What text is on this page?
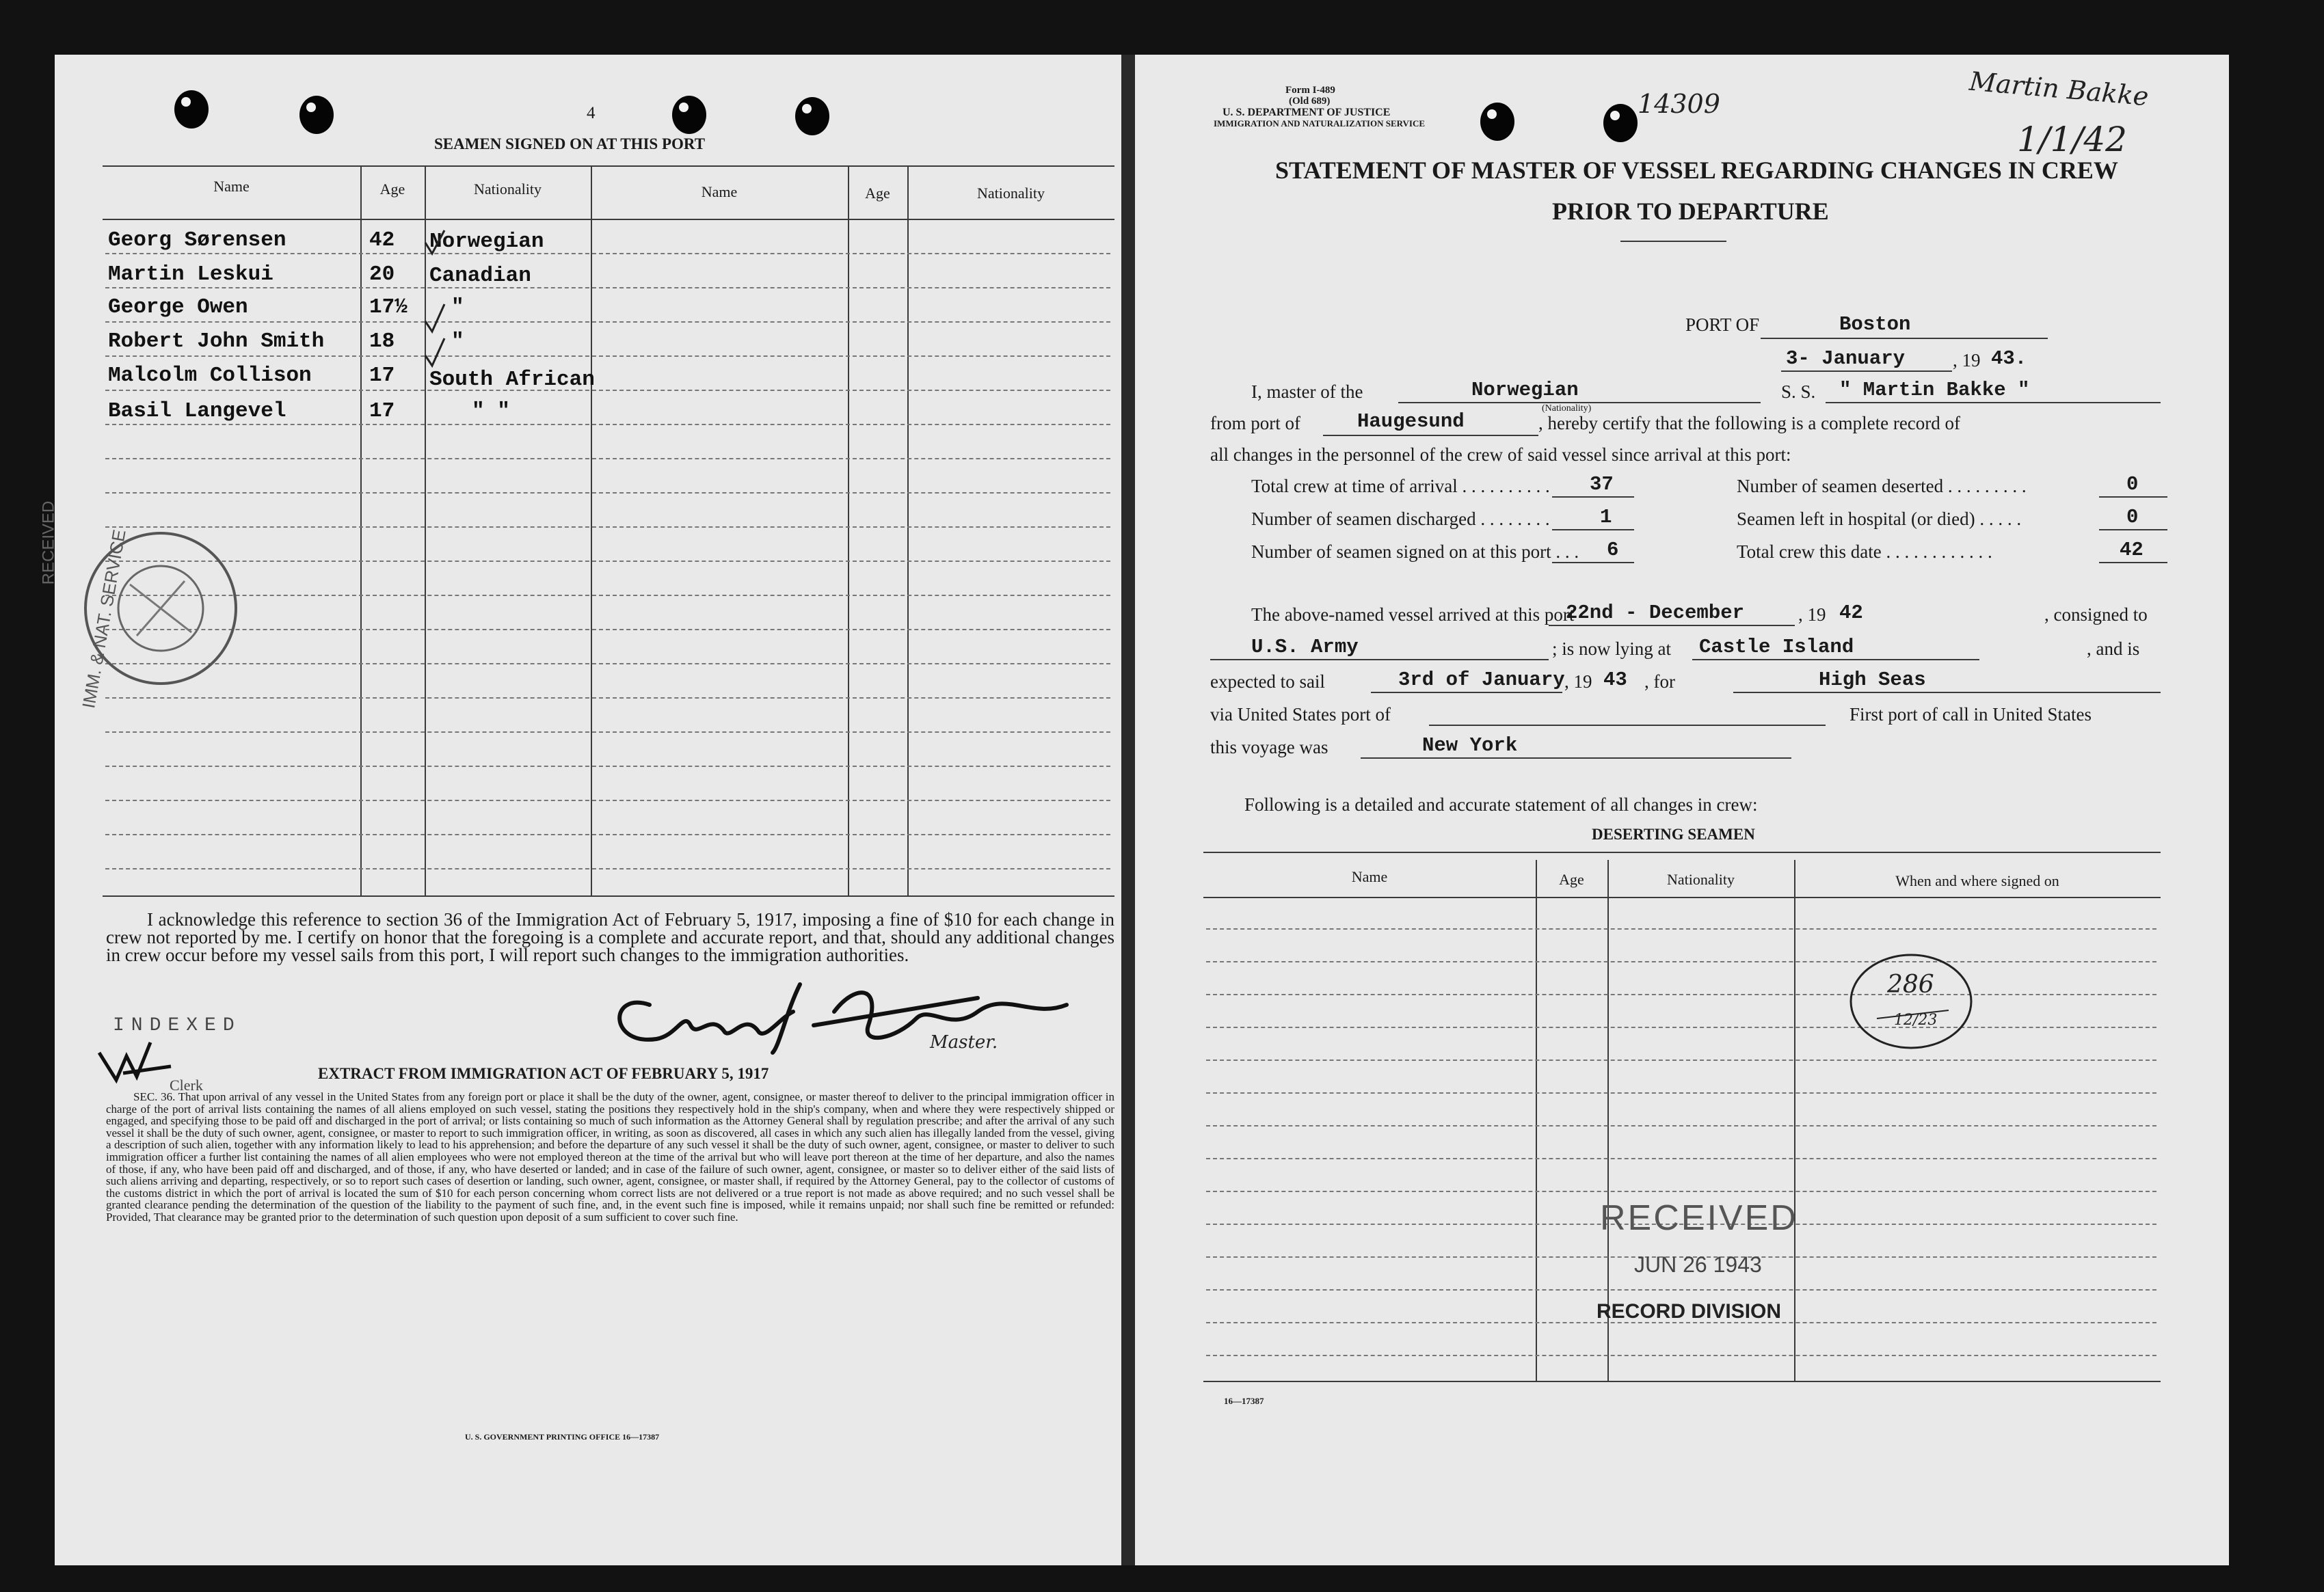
4
SEAMEN SIGNED ON AT THIS PORT
Name	Age	Nationality	Name	Age	Nationality
Georg Sørensen	42 Norwegian
Martin Leskui	20 Canadian
George Owen	17½ "
Robert John Smith 18	"
Malcolm Collison	17 South African
Basil Langevel	17	" "
IMM. & NAT. SERVICE
RECEIVED
I acknowledge this reference to section 36 of the Immigration Act of February 5, 1917, imposing a fine of $10 for each change in crew not reported by me. I certify on honor that the foregoing is a complete and accurate report, and that, should any additional changes in crew occur before my vessel sails from this port, I will report such changes to the immigration authorities.
Master.
INDEXED
Clerk
EXTRACT FROM IMMIGRATION ACT OF FEBRUARY 5, 1917
SEC. 36. That upon arrival of any vessel in the United States from any foreign port or place it shall be the duty of the owner, agent, consignee, or master thereof to deliver to the principal immigration officer in charge of the port of arrival lists containing the names of all aliens employed on such vessel, stating the positions they respectively hold in the ship's company, when and where they were respectively shipped or engaged, and specifying those to be paid off and discharged in the port of arrival; or lists containing so much of such information as the Attorney General shall by regulation prescribe; and after the arrival of any such vessel it shall be the duty of such owner, agent, consignee, or master to report to such immigration officer, in writing, as soon as discovered, all cases in which any such alien has illegally landed from the vessel, giving a description of such alien, together with any information likely to lead to his apprehension; and before the departure of any such vessel it shall be the duty of such owner, agent, consignee, or master to deliver to such immigration officer a further list containing the names of all alien employees who were not employed thereon at the time of the arrival but who will leave port thereon at the time of her departure, and also the names of those, if any, who have been paid off and discharged, and of those, if any, who have deserted or landed; and in case of the failure of such owner, agent, consignee, or master so to deliver either of the said lists of such aliens arriving and departing, respectively, or so to report such cases of desertion or landing, such owner, agent, consignee, or master shall, if required by the Attorney General, pay to the collector of customs of the customs district in which the port of arrival is located the sum of $10 for each person concerning whom correct lists are not delivered or a true report is not made as above required; and no such vessel shall be granted clearance pending the determination of the question of the liability to the payment of such fine, and, in the event such fine is imposed, while it remains unpaid; nor shall such fine be remitted or refunded: Provided, That clearance may be granted prior to the determination of such question upon deposit of a sum sufficient to cover such fine.
U. S. GOVERNMENT PRINTING OFFICE 16—17387
Form I-489
(Old 689)
U. S. DEPARTMENT OF JUSTICE
IMMIGRATION AND NATURALIZATION SERVICE
14309	Martin Bakke
1/1/42
STATEMENT OF MASTER OF VESSEL REGARDING CHANGES IN CREW
PRIOR TO DEPARTURE
PORT OF	Boston
3- January	, 19 43.
I, master of the	Norwegian
(Nationality)
S. S. " Martin Bakke "
from port of	Haugesund	, hereby certify that the following is a complete record of
all changes in the personnel of the crew of said vessel since arrival at this port:
Total crew at time of arrival . . . . . . . . . . 37	Number of seamen deserted . . . . . . . . .	0
Number of seamen discharged . . . . . . . .	1	Seamen left in hospital (or died) . . . . .	0
Number of seamen signed on at this port . . . 6	Total crew this date . . . . . . . . . . . .	42
The above-named vessel arrived at this port
22nd - December	, 19 42	, consigned to
U.S. Army	; is now lying at Castle Island	, and is
expected to sail	3rd of January , 19 43 , for	High Seas
via United States port of	First port of call in United States
this voyage was	New York
Following is a detailed and accurate statement of all changes in crew:
DESERTING SEAMEN
Name	Age	Nationality	When and where signed on
286
12/23
RECEIVED
JUN 26 1943
RECORD DIVISION
16—17387
